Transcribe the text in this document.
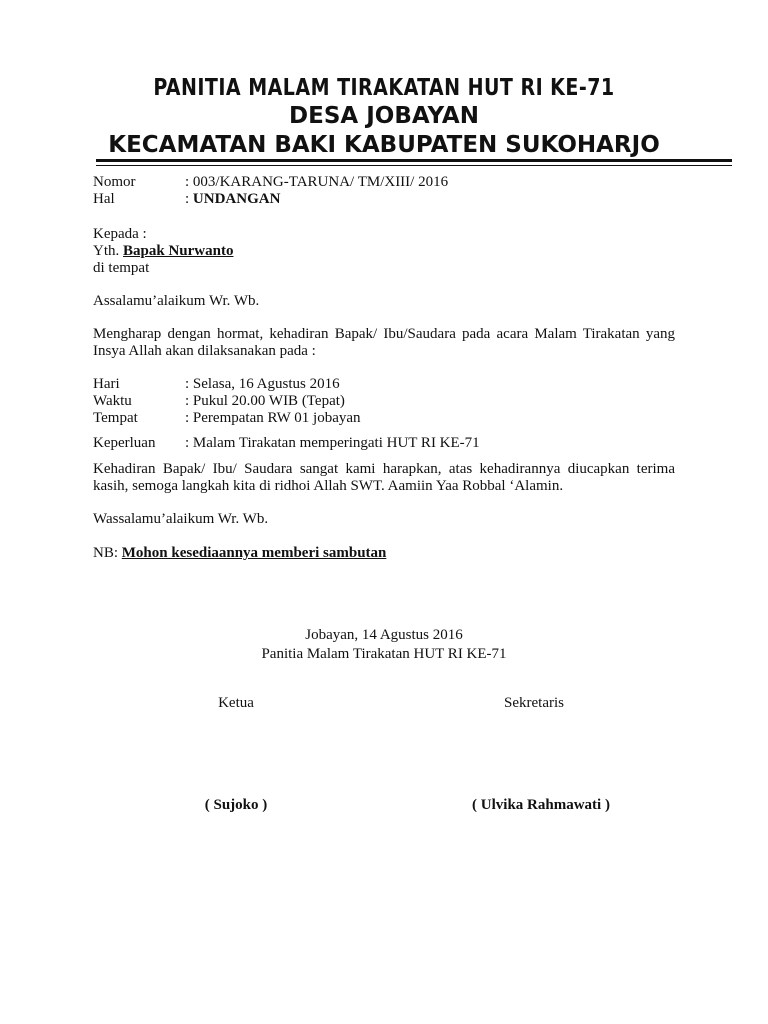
PANITIA MALAM TIRAKATAN HUT RI KE-71
DESA JOBAYAN
KECAMATAN BAKI KABUPATEN SUKOHARJO
Nomor	: 003/KARANG-TARUNA/ TM/XIII/ 2016
Hal	: UNDANGAN
Kepada :
Yth. Bapak Nurwanto
di tempat
Assalamu’alaikum Wr. Wb.
Mengharap dengan hormat, kehadiran Bapak/ Ibu/Saudara pada acara Malam Tirakatan yang Insya Allah akan dilaksanakan pada :
Hari	: Selasa, 16 Agustus 2016
Waktu	: Pukul 20.00 WIB (Tepat)
Tempat	: Perempatan RW 01 jobayan
Keperluan	: Malam Tirakatan memperingati HUT RI KE-71
Kehadiran Bapak/ Ibu/ Saudara sangat kami harapkan, atas kehadirannya diucapkan terima kasih, semoga langkah kita di ridhoi Allah SWT. Aamiin Yaa Robbal ‘Alamin.
Wassalamu’alaikum Wr. Wb.
NB: Mohon kesediaannya memberi sambutan
Jobayan, 14 Agustus 2016
Panitia Malam Tirakatan HUT RI KE-71
Ketua	Sekretaris
( Sujoko )	( Ulvika Rahmawati )
